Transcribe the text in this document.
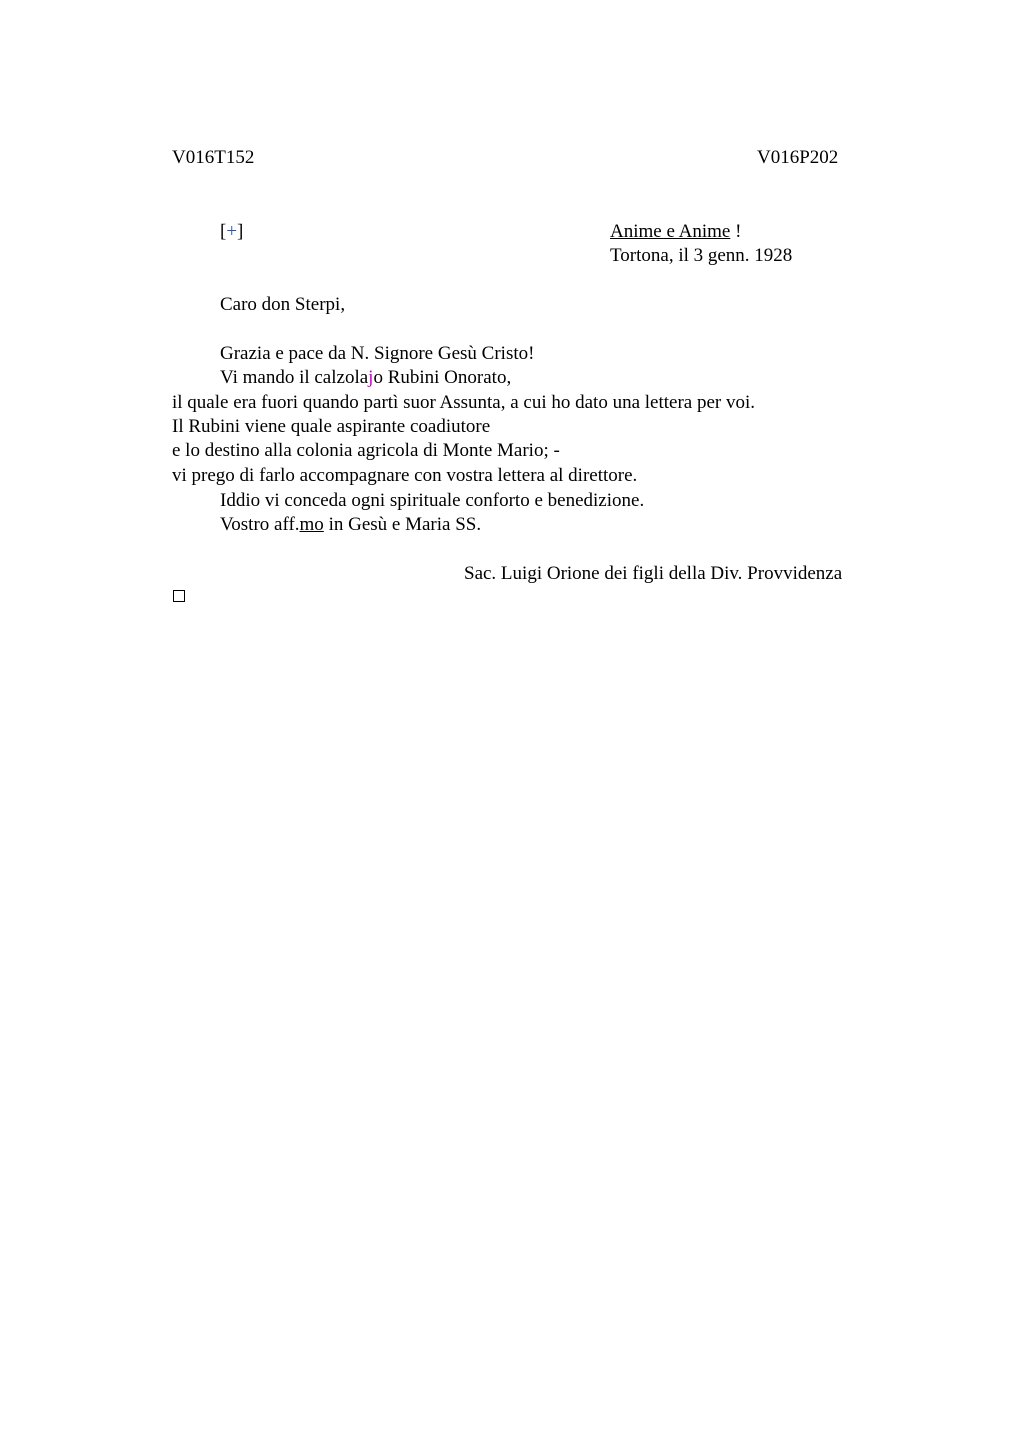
V016T152	V016P202
[+]	Anime e Anime !
Tortona, il 3 genn. 1928
Caro don Sterpi,
Grazia e pace da N. Signore Gesù Cristo!
Vi mando il calzolajo Rubini Onorato,
il quale era fuori quando partì suor Assunta, a cui ho dato una lettera per voi.
Il Rubini viene quale aspirante coadiutore
e lo destino alla colonia agricola di Monte Mario; -
vi prego di farlo accompagnare con vostra lettera al direttore.
Iddio vi conceda ogni spirituale conforto e benedizione.
Vostro aff.mo in Gesù e Maria SS.
Sac. Luigi Orione dei figli della Div. Provvidenza
